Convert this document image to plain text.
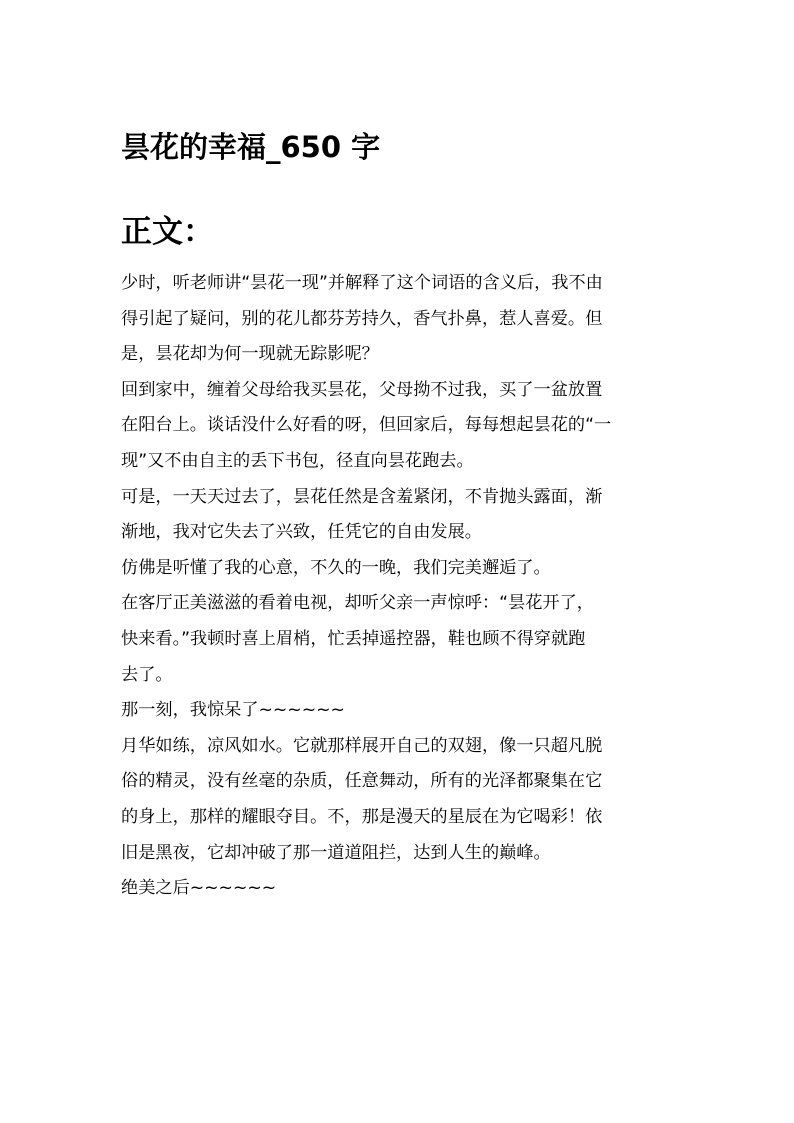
昙花的幸福_650 字
正文：
少时，听老师讲“昙花一现”并解释了这个词语的含义后，我不由
得引起了疑问，别的花儿都芬芳持久，香气扑鼻，惹人喜爱。但
是，昙花却为何一现就无踪影呢？
回到家中，缠着父母给我买昙花，父母拗不过我，买了一盆放置
在阳台上。谈话没什么好看的呀，但回家后，每每想起昙花的“一
现”又不由自主的丢下书包，径直向昙花跑去。
可是，一天天过去了，昙花任然是含羞紧闭，不肯抛头露面，渐
渐地，我对它失去了兴致，任凭它的自由发展。
仿佛是听懂了我的心意，不久的一晚，我们完美邂逅了。
在客厅正美滋滋的看着电视，却听父亲一声惊呼：“昙花开了，
快来看。”我顿时喜上眉梢，忙丢掉遥控器，鞋也顾不得穿就跑
去了。
那一刻，我惊呆了~~~~~~
月华如练，凉风如水。它就那样展开自己的双翅，像一只超凡脱
俗的精灵，没有丝毫的杂质，任意舞动，所有的光泽都聚集在它
的身上，那样的耀眼夺目。不，那是漫天的星辰在为它喝彩！依
旧是黑夜，它却冲破了那一道道阻拦，达到人生的巅峰。
绝美之后~~~~~~
